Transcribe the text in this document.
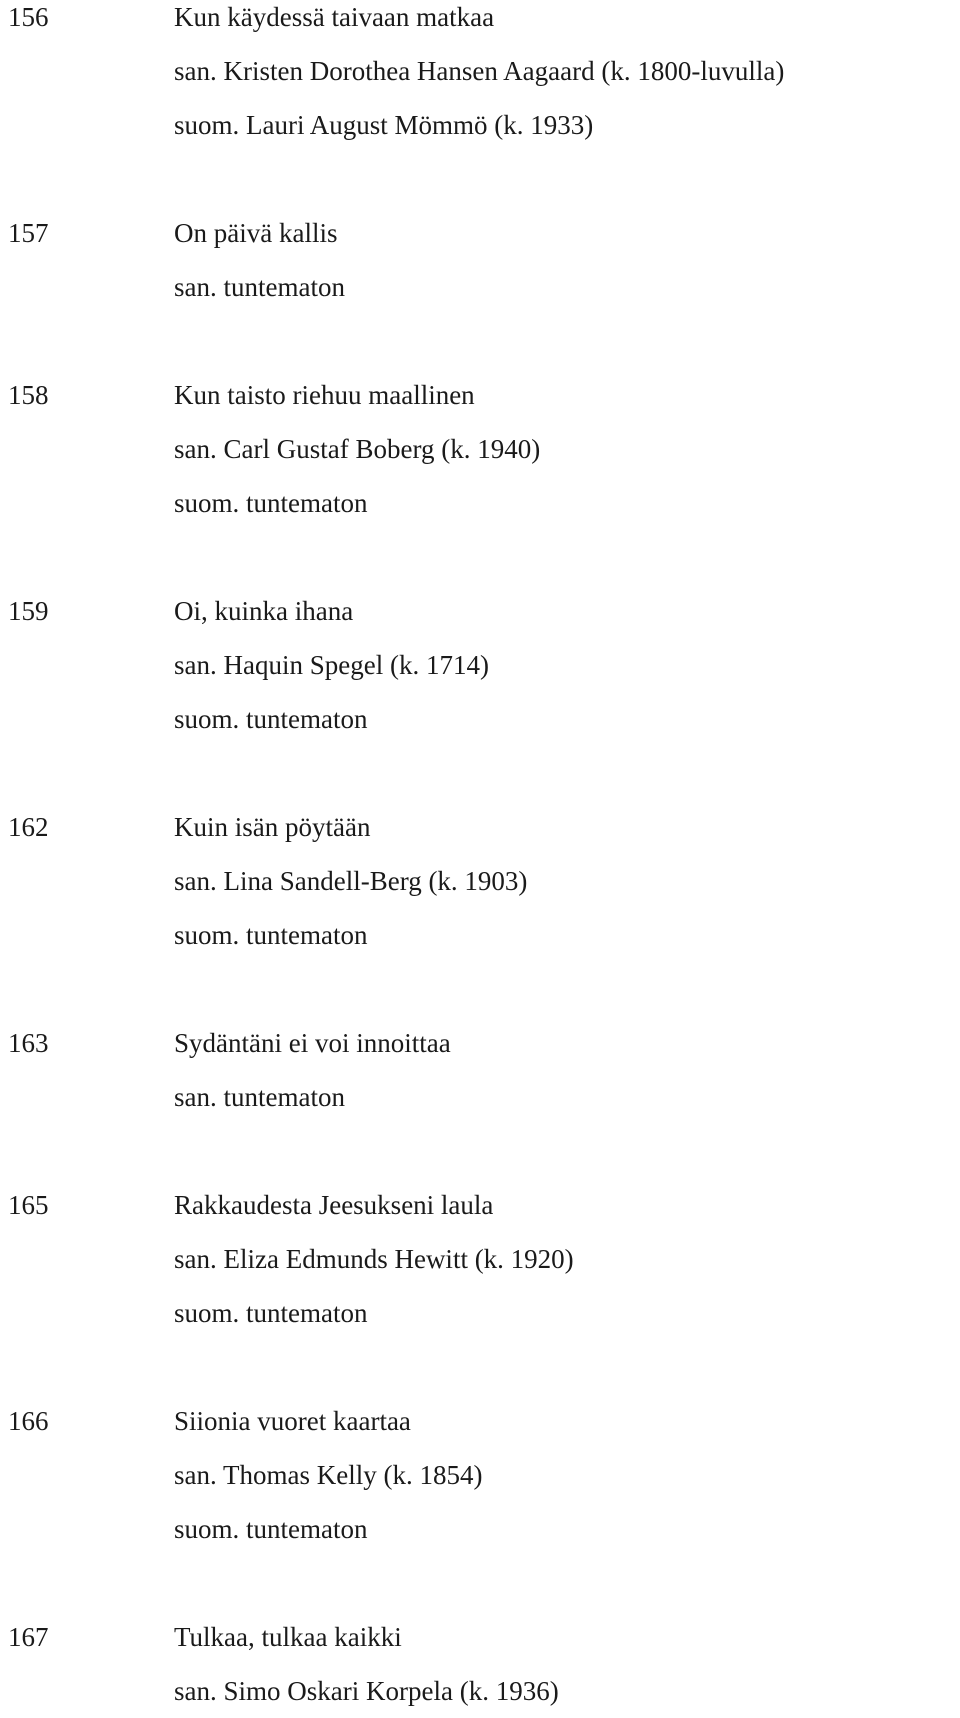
156	Kun käydessä taivaan matkaa
san. Kristen Dorothea Hansen Aagaard (k. 1800-luvulla)
suom. Lauri August Mömmö (k. 1933)
157	On päivä kallis
san. tuntematon
158	Kun taisto riehuu maallinen
san. Carl Gustaf Boberg (k. 1940)
suom. tuntematon
159	Oi, kuinka ihana
san. Haquin Spegel (k. 1714)
suom. tuntematon
162	Kuin isän pöytään
san. Lina Sandell-Berg (k. 1903)
suom. tuntematon
163	Sydäntäni ei voi innoittaa
san. tuntematon
165	Rakkaudesta Jeesukseni laula
san. Eliza Edmunds Hewitt (k. 1920)
suom. tuntematon
166	Siionia vuoret kaartaa
san. Thomas Kelly (k. 1854)
suom. tuntematon
167	Tulkaa, tulkaa kaikki
san. Simo Oskari Korpela (k. 1936)
